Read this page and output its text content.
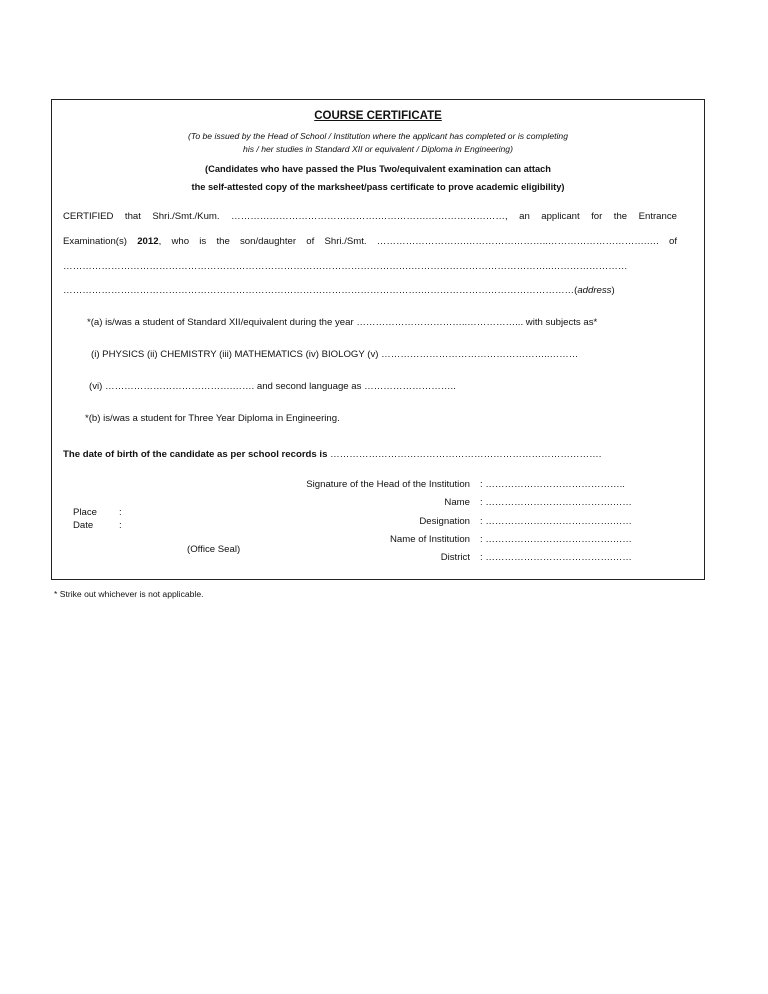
COURSE CERTIFICATE
(To be issued by the Head of School / Institution where the applicant has completed or is completing
his / her studies in Standard XII or equivalent / Diploma in Engineering)
(Candidates who have passed the Plus Two/equivalent examination can attach
the self-attested copy of the marksheet/pass certificate to prove academic eligibility)
CERTIFIED that Shri./Smt./Kum. ……………………………………….…………….……………………, an applicant for the Entrance
Examination(s) 2012, who is the son/daughter of Shri./Smt. ……………………….……………………..………………………….…. of
……………………………………………………………………………………………….……………………………………..……………………
………………………………………………………………………………………………….…………………………………………(address)
*(a) is/was a student of Standard XII/equivalent during the year ……………………………..……………... with subjects as*
(i) PHYSICS (ii) CHEMISTRY (iii) MATHEMATICS (iv) BIOLOGY (v) ……………………………………………..………
(vi) ………………………………….……. and second language as ………………………..
*(b) is/was a student for Three Year Diploma in Engineering.
The date of birth of the candidate as per school records is ………………………………………………………………………….
Signature of the Head of the Institution : ……………………………………..
Name : ………………………………….……
Designation : ………………………………….……
Name of Institution : ………………………………….……
District : ………………………………….……
Place :
Date	:
(Office Seal)
* Strike out whichever is not applicable.
